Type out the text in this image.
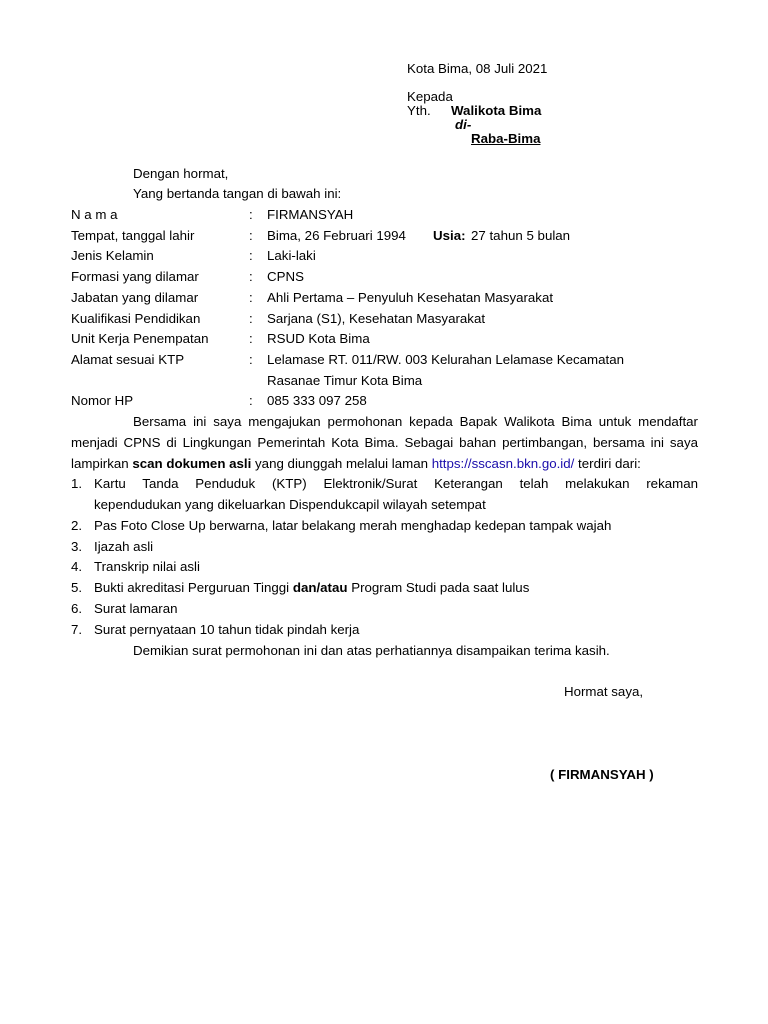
Kota Bima, 08 Juli 2021
Kepada
Yth. Walikota Bima
di-
Raba-Bima
Dengan hormat,
Yang bertanda tangan di bawah ini:
N a m a	: FIRMANSYAH
Tempat, tanggal lahir	: Bima, 26 Februari 1994 Usia: 27 tahun 5 bulan
Jenis Kelamin	: Laki-laki
Formasi yang dilamar	: CPNS
Jabatan yang dilamar	: Ahli Pertama – Penyuluh Kesehatan Masyarakat
Kualifikasi Pendidikan	: Sarjana (S1), Kesehatan Masyarakat
Unit Kerja Penempatan	: RSUD Kota Bima
Alamat sesuai KTP	: Lelamase RT. 011/RW. 003 Kelurahan Lelamase Kecamatan
Rasanae Timur Kota Bima
Nomor HP	: 085 333 097 258
Bersama ini saya mengajukan permohonan kepada Bapak Walikota Bima untuk mendaftar
menjadi CPNS di Lingkungan Pemerintah Kota Bima. Sebagai bahan pertimbangan, bersama ini saya
lampirkan scan dokumen asli yang diunggah melalui laman https://sscasn.bkn.go.id/ terdiri dari:
1. Kartu Tanda Penduduk (KTP) Elektronik/Surat Keterangan telah melakukan rekaman
kependudukan yang dikeluarkan Dispendukcapil wilayah setempat
2. Pas Foto Close Up berwarna, latar belakang merah menghadap kedepan tampak wajah
3. Ijazah asli
4. Transkrip nilai asli
5. Bukti akreditasi Perguruan Tinggi dan/atau Program Studi pada saat lulus
6. Surat lamaran
7. Surat pernyataan 10 tahun tidak pindah kerja
Demikian surat permohonan ini dan atas perhatiannya disampaikan terima kasih.
Hormat saya,
( FIRMANSYAH )
